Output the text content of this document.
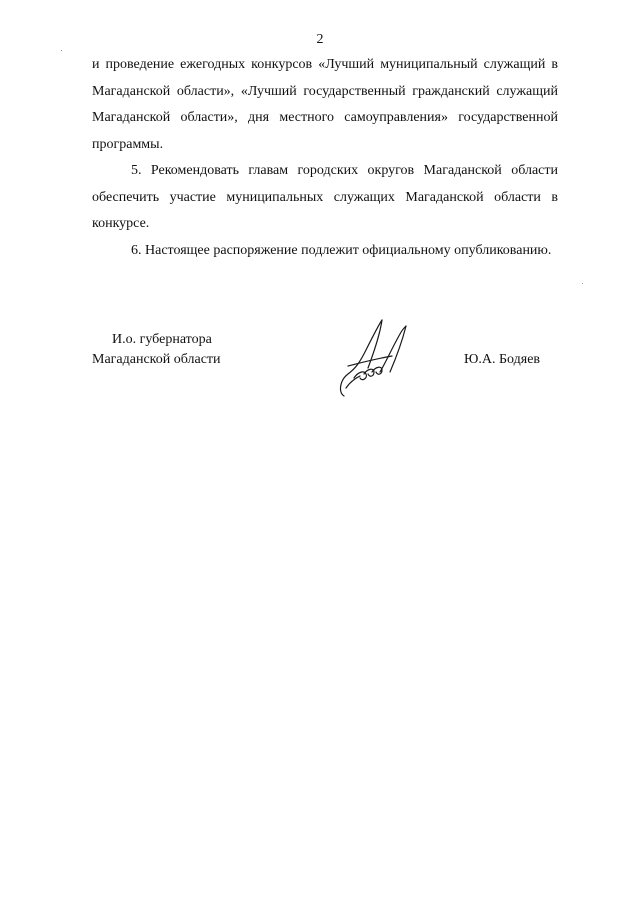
2

и проведение ежегодных конкурсов «Лучший муниципальный служащий в Магаданской области», «Лучший государственный гражданский служащий Магаданской области», дня местного самоуправления» государственной программы.

5. Рекомендовать главам городских округов Магаданской области обеспечить участие муниципальных служащих Магаданской области в конкурсе.

6. Настоящее распоряжение подлежит официальному опубликованию.

И.о. губернатора
Магаданской области	Ю.А. Бодяев
